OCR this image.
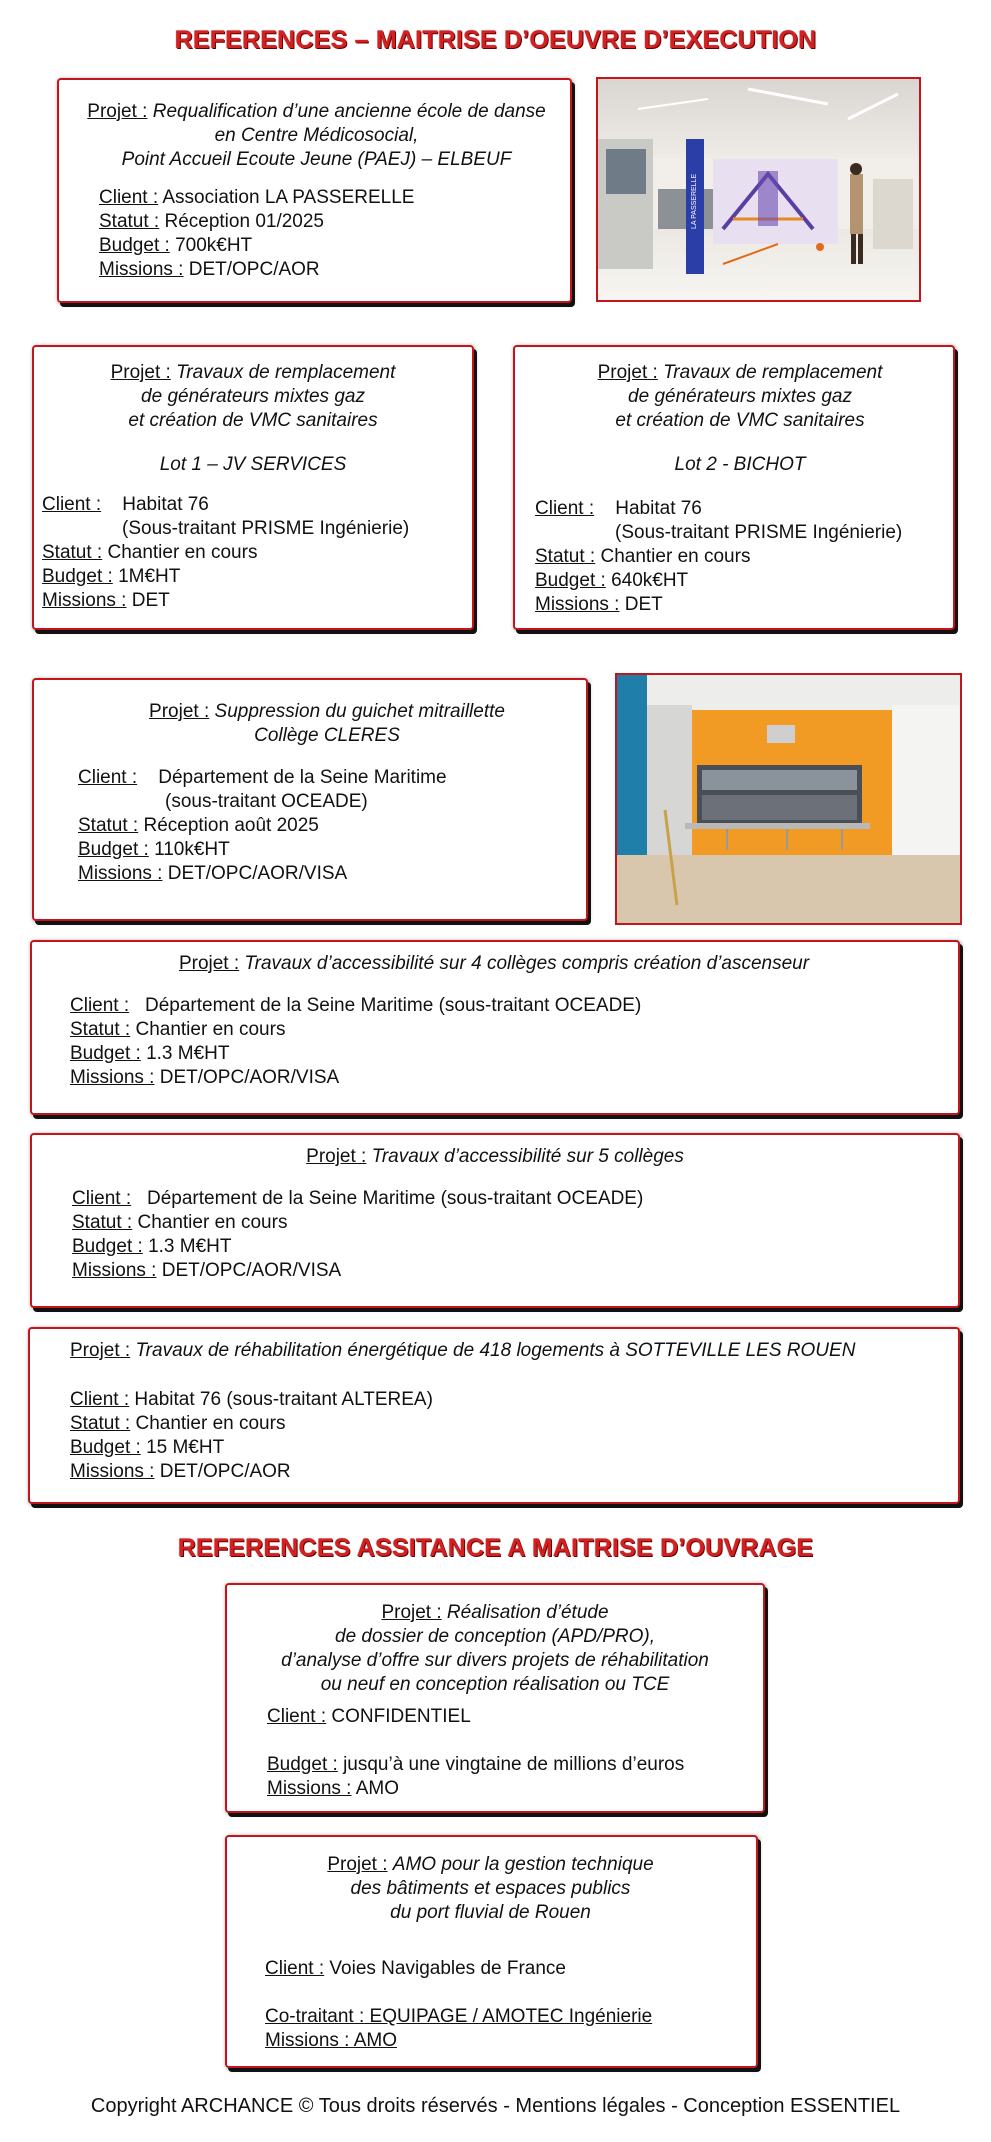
REFERENCES – MAITRISE D’OEUVRE D’EXECUTION
Projet : Requalification d’une ancienne école de danse
en Centre Médicosocial,
Point Accueil Ecoute Jeune (PAEJ) – ELBEUF
Client : Association LA PASSERELLE
Statut : Réception 01/2025
Budget : 700k€HT
Missions : DET/OPC/AOR
LA PASSERELLE
Projet : Travaux de remplacement
de générateurs mixtes gaz
et création de VMC sanitaires
Lot 1 – JV SERVICES
Client : Habitat 76
(Sous-traitant PRISME Ingénierie)
Statut : Chantier en cours
Budget : 1M€HT
Missions : DET
Projet : Travaux de remplacement
de générateurs mixtes gaz
et création de VMC sanitaires
Lot 2 - BICHOT
Client : Habitat 76
(Sous-traitant PRISME Ingénierie)
Statut : Chantier en cours
Budget : 640k€HT
Missions : DET
Projet : Suppression du guichet mitraillette
Collège CLERES
Client : Département de la Seine Maritime
(sous-traitant OCEADE)
Statut : Réception août 2025
Budget : 110k€HT
Missions : DET/OPC/AOR/VISA
Projet : Travaux d’accessibilité sur 4 collèges compris création d’ascenseur
Client : Département de la Seine Maritime (sous-traitant OCEADE)
Statut : Chantier en cours
Budget : 1.3 M€HT
Missions : DET/OPC/AOR/VISA
Projet : Travaux d’accessibilité sur 5 collèges
Client : Département de la Seine Maritime (sous-traitant OCEADE)
Statut : Chantier en cours
Budget : 1.3 M€HT
Missions : DET/OPC/AOR/VISA
Projet : Travaux de réhabilitation énergétique de 418 logements à SOTTEVILLE LES ROUEN
Client : Habitat 76 (sous-traitant ALTEREA)
Statut : Chantier en cours
Budget : 15 M€HT
Missions : DET/OPC/AOR
REFERENCES ASSITANCE A MAITRISE D’OUVRAGE
Projet : Réalisation d’étude
de dossier de conception (APD/PRO),
d’analyse d’offre sur divers projets de réhabilitation
ou neuf en conception réalisation ou TCE
Client : CONFIDENTIEL
Budget : jusqu’à une vingtaine de millions d’euros
Missions : AMO
Projet : AMO pour la gestion technique
des bâtiments et espaces publics
du port fluvial de Rouen
Client : Voies Navigables de France
Co-traitant : EQUIPAGE / AMOTEC Ingénierie
Missions : AMO
Copyright ARCHANCE © Tous droits réservés - Mentions légales - Conception ESSENTIEL
